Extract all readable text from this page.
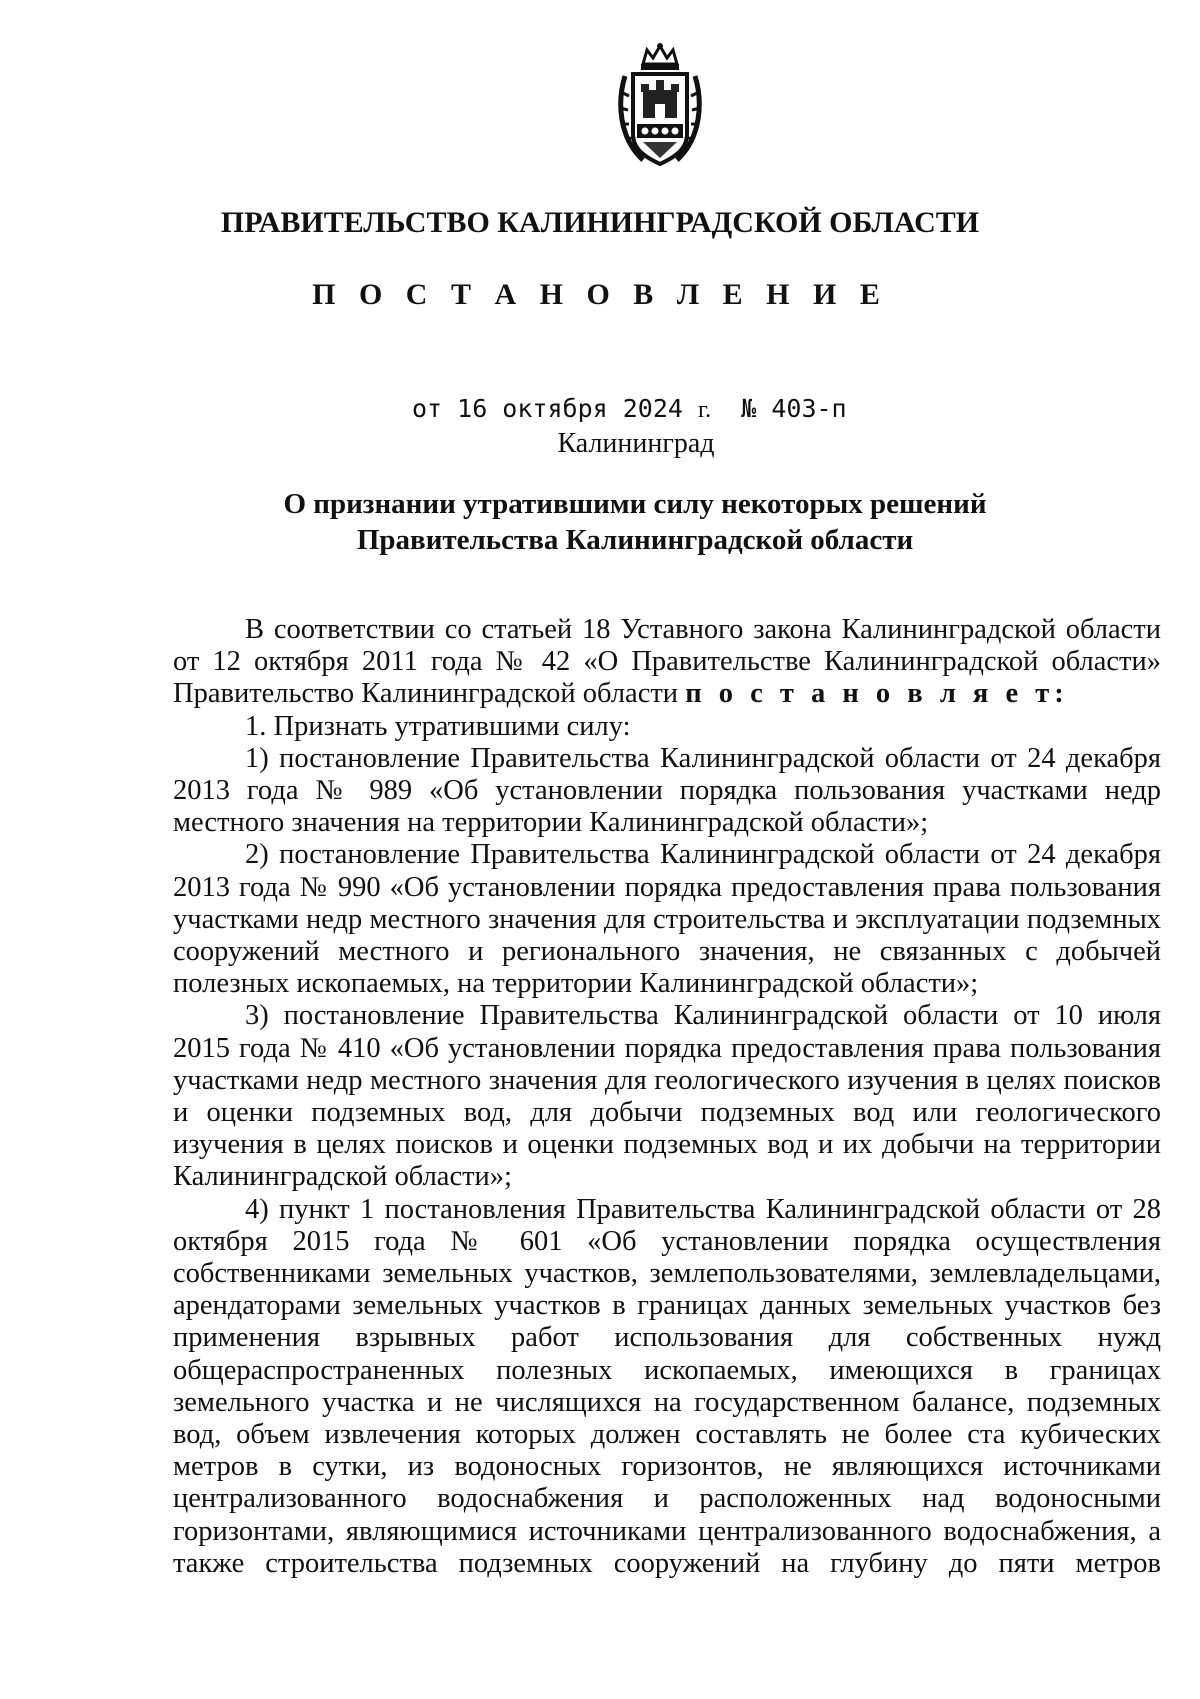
ПРАВИТЕЛЬСТВО КАЛИНИНГРАДСКОЙ ОБЛАСТИ
П О С Т А Н О В Л Е Н И Е
от 16 октября 2024 г. № 403-п
Калининград
О признании утратившими силу некоторых решений
Правительства Калининградской области

В соответствии со статьей 18 Уставного закона Калининградской области от 12 октября 2011 года № 42 «О Правительстве Калининградской области» Правительство Калининградской области п о с т а н о в л я е т:

1. Признать утратившими силу:

1) постановление Правительства Калининградской области от 24 декабря 2013 года № 989 «Об установлении порядка пользования участками недр местного значения на территории Калининградской области»;

2) постановление Правительства Калининградской области от 24 декабря 2013 года № 990 «Об установлении порядка предоставления права пользования участками недр местного значения для строительства и эксплуатации подземных сооружений местного и регионального значения, не связанных с добычей полезных ископаемых, на территории Калининградской области»;

3) постановление Правительства Калининградской области от 10 июля 2015 года № 410 «Об установлении порядка предоставления права пользования участками недр местного значения для геологического изучения в целях поисков и оценки подземных вод, для добычи подземных вод или геологического изучения в целях поисков и оценки подземных вод и их добычи на территории Калининградской области»;

4) пункт 1 постановления Правительства Калининградской области от 28 октября 2015 года № 601 «Об установлении порядка осуществления собственниками земельных участков, землепользователями, землевладельцами, арендаторами земельных участков в границах данных земельных участков без применения взрывных работ использования для собственных нужд общераспространенных полезных ископаемых, имеющихся в границах земельного участка и не числящихся на государственном балансе, подземных вод, объем извлечения которых должен составлять не более ста кубических метров в сутки, из водоносных горизонтов, не являющихся источниками централизованного водоснабжения и расположенных над водоносными горизонтами, являющимися источниками централизованного водоснабжения, а также строительства подземных сооружений на глубину до пяти метров
